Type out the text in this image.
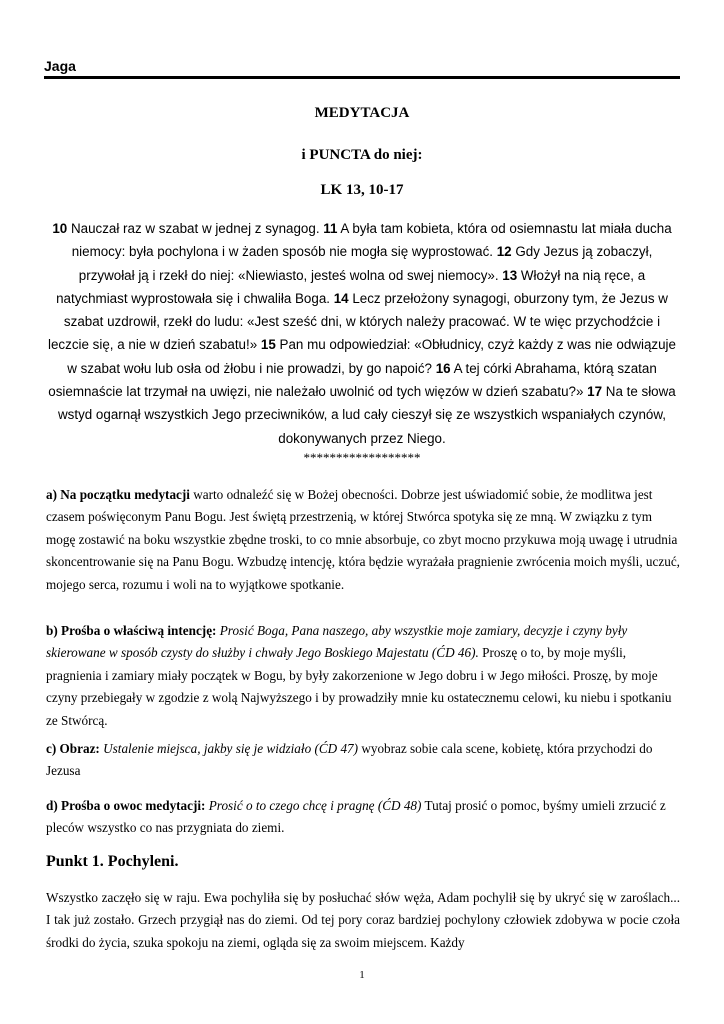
Jaga
MEDYTACJA
i PUNCTA do niej:
LK 13, 10-17
10 Nauczał raz w szabat w jednej z synagog. 11 A była tam kobieta, która od osiemnastu lat miała ducha niemocy: była pochylona i w żaden sposób nie mogła się wyprostować. 12 Gdy Jezus ją zobaczył, przywołał ją i rzekł do niej: «Niewiasto, jesteś wolna od swej niemocy». 13 Włożył na nią ręce, a natychmiast wyprostowała się i chwaliła Boga. 14 Lecz przełożony synagogi, oburzony tym, że Jezus w szabat uzdrowił, rzekł do ludu: «Jest sześć dni, w których należy pracować. W te więc przychodźcie i leczcie się, a nie w dzień szabatu!» 15 Pan mu odpowiedział: «Obłudnicy, czyż każdy z was nie odwiązuje w szabat wołu lub osła od żłobu i nie prowadzi, by go napoić? 16 A tej córki Abrahama, którą szatan osiemnaście lat trzymał na uwięzi, nie należało uwolnić od tych więzów w dzień szabatu?» 17 Na te słowa wstyd ogarnął wszystkich Jego przeciwników, a lud cały cieszył się ze wszystkich wspaniałych czynów, dokonywanych przez Niego.
******************
a) Na początku medytacji warto odnaleźć się w Bożej obecności. Dobrze jest uświadomić sobie, że modlitwa jest czasem poświęconym Panu Bogu. Jest świętą przestrzenią, w której Stwórca spotyka się ze mną. W związku z tym mogę zostawić na boku wszystkie zbędne troski, to co mnie absorbuje, co zbyt mocno przykuwa moją uwagę i utrudnia skoncentrowanie się na Panu Bogu. Wzbudzę intencję, która będzie wyrażała pragnienie zwrócenia moich myśli, uczuć, mojego serca, rozumu i woli na to wyjątkowe spotkanie.
b) Prośba o właściwą intencję: Prosić Boga, Pana naszego, aby wszystkie moje zamiary, decyzje i czyny były skierowane w sposób czysty do służby i chwały Jego Boskiego Majestatu (ĆD 46). Proszę o to, by moje myśli, pragnienia i zamiary miały początek w Bogu, by były zakorzenione w Jego dobru i w Jego miłości. Proszę, by moje czyny przebiegały w zgodzie z wolą Najwyższego i by prowadziły mnie ku ostatecznemu celowi, ku niebu i spotkaniu ze Stwórcą.
c) Obraz: Ustalenie miejsca, jakby się je widziało (ĆD 47) wyobraz sobie cala scene, kobietę, która przychodzi do Jezusa
d) Prośba o owoc medytacji: Prosić o to czego chcę i pragnę (ĆD 48) Tutaj prosić o pomoc, byśmy umieli zrzucić z pleców wszystko co nas przygniata do ziemi.
Punkt 1. Pochyleni.
Wszystko zaczęło się w raju. Ewa pochyliła się by posłuchać słów węża, Adam pochylił się by ukryć się w zaroślach... I tak już zostało. Grzech przygiął nas do ziemi. Od tej pory coraz bardziej pochylony człowiek zdobywa w pocie czoła środki do życia, szuka spokoju na ziemi, ogląda się za swoim miejscem. Każdy
1
